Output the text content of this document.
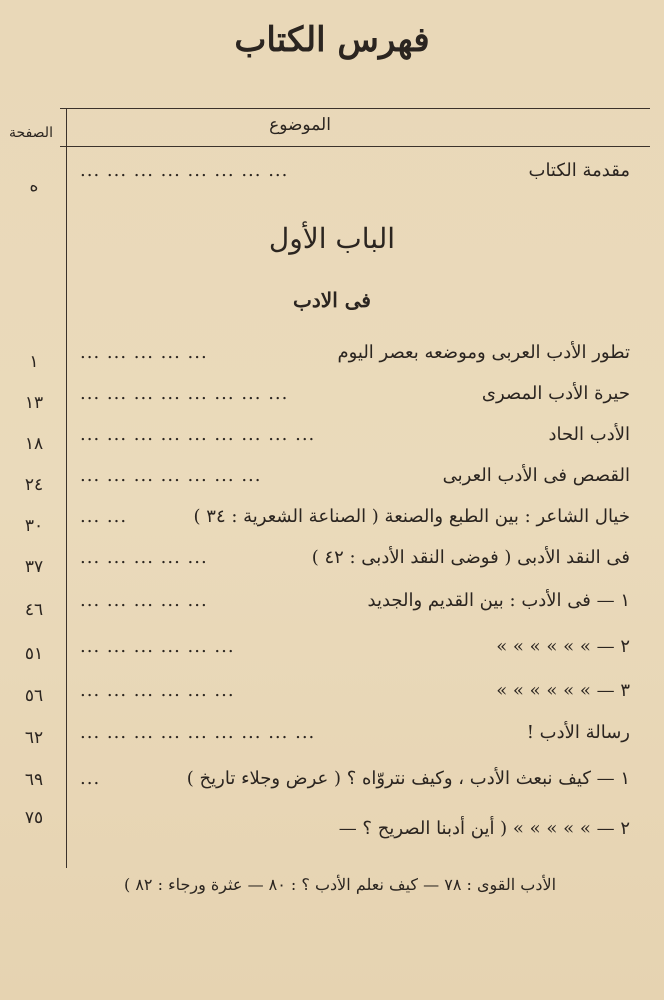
فهرس الكتاب
الموضوع
الصفحة
مقدمة الكتاب
... ... ... ... ... ... ... ...
ه
الباب الأول
فى الادب
تطور الأدب العربى وموضعه بعصر اليوم
... ... ... ... ...
١
حيرة الأدب المصرى
... ... ... ... ... ... ... ...
١٣
الأدب الحاد
... ... ... ... ... ... ... ... ...
١٨
القصص فى الأدب العربى
... ... ... ... ... ... ...
٢٤
خيال الشاعر : بين الطبع والصنعة ( الصناعة الشعرية : ٣٤ )
... ...
٣٠
فى النقد الأدبى ( فوضى النقد الأدبى : ٤٢ )
... ... ... ... ...
٣٧
١ — فى الأدب : بين القديم والجديد
... ... ... ... ...
٤٦
٢ — » » » » » »
... ... ... ... ... ...
٥١
٣ — » » » » » »
... ... ... ... ... ...
٥٦
رسالة الأدب !
... ... ... ... ... ... ... ... ...
٦٢
١ — كيف نبعث الأدب ، وكيف نتروّاه ؟ ( عرض وجلاء تاريخ )
...
٦٩
٢ — » » » » » ( أين أدبنا الصريح ؟ —
٧٥
الأدب القوى : ٧٨ — كيف نعلم الأدب ؟ : ٨٠ — عثرة ورجاء : ٨٢ )
